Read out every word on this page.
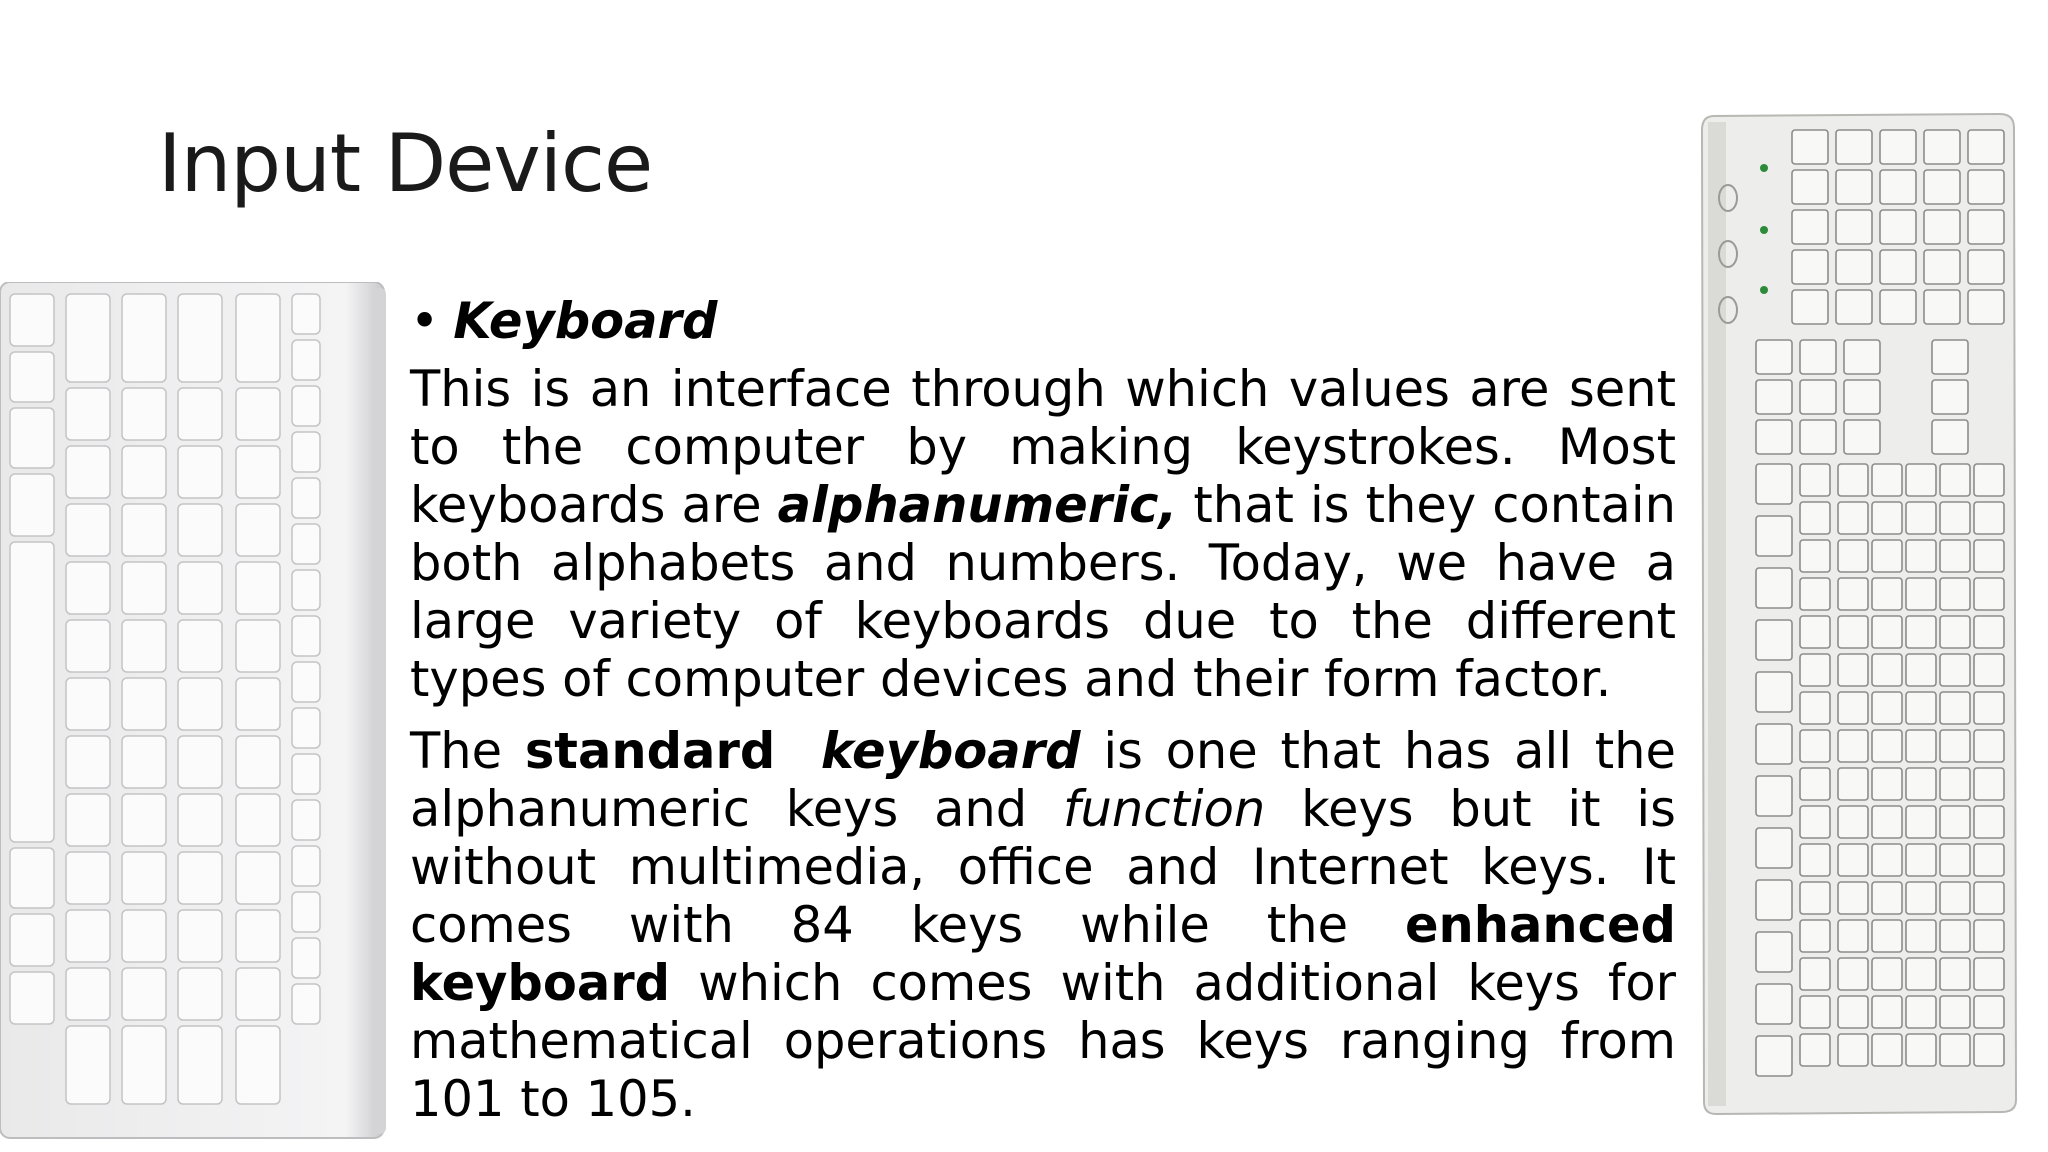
Input Device
• Keyboard

This is an interface through which values are sent to the computer by making keystrokes. Most keyboards are alphanumeric, that is they contain both alphabets and numbers. Today, we have a large variety of keyboards due to the different types of computer devices and their form factor.

The standard keyboard is one that has all the alphanumeric keys and function keys but it is without multimedia, office and Internet keys. It comes with 84 keys while the enhanced keyboard which comes with additional keys for mathematical operations has keys ranging from 101 to 105.
